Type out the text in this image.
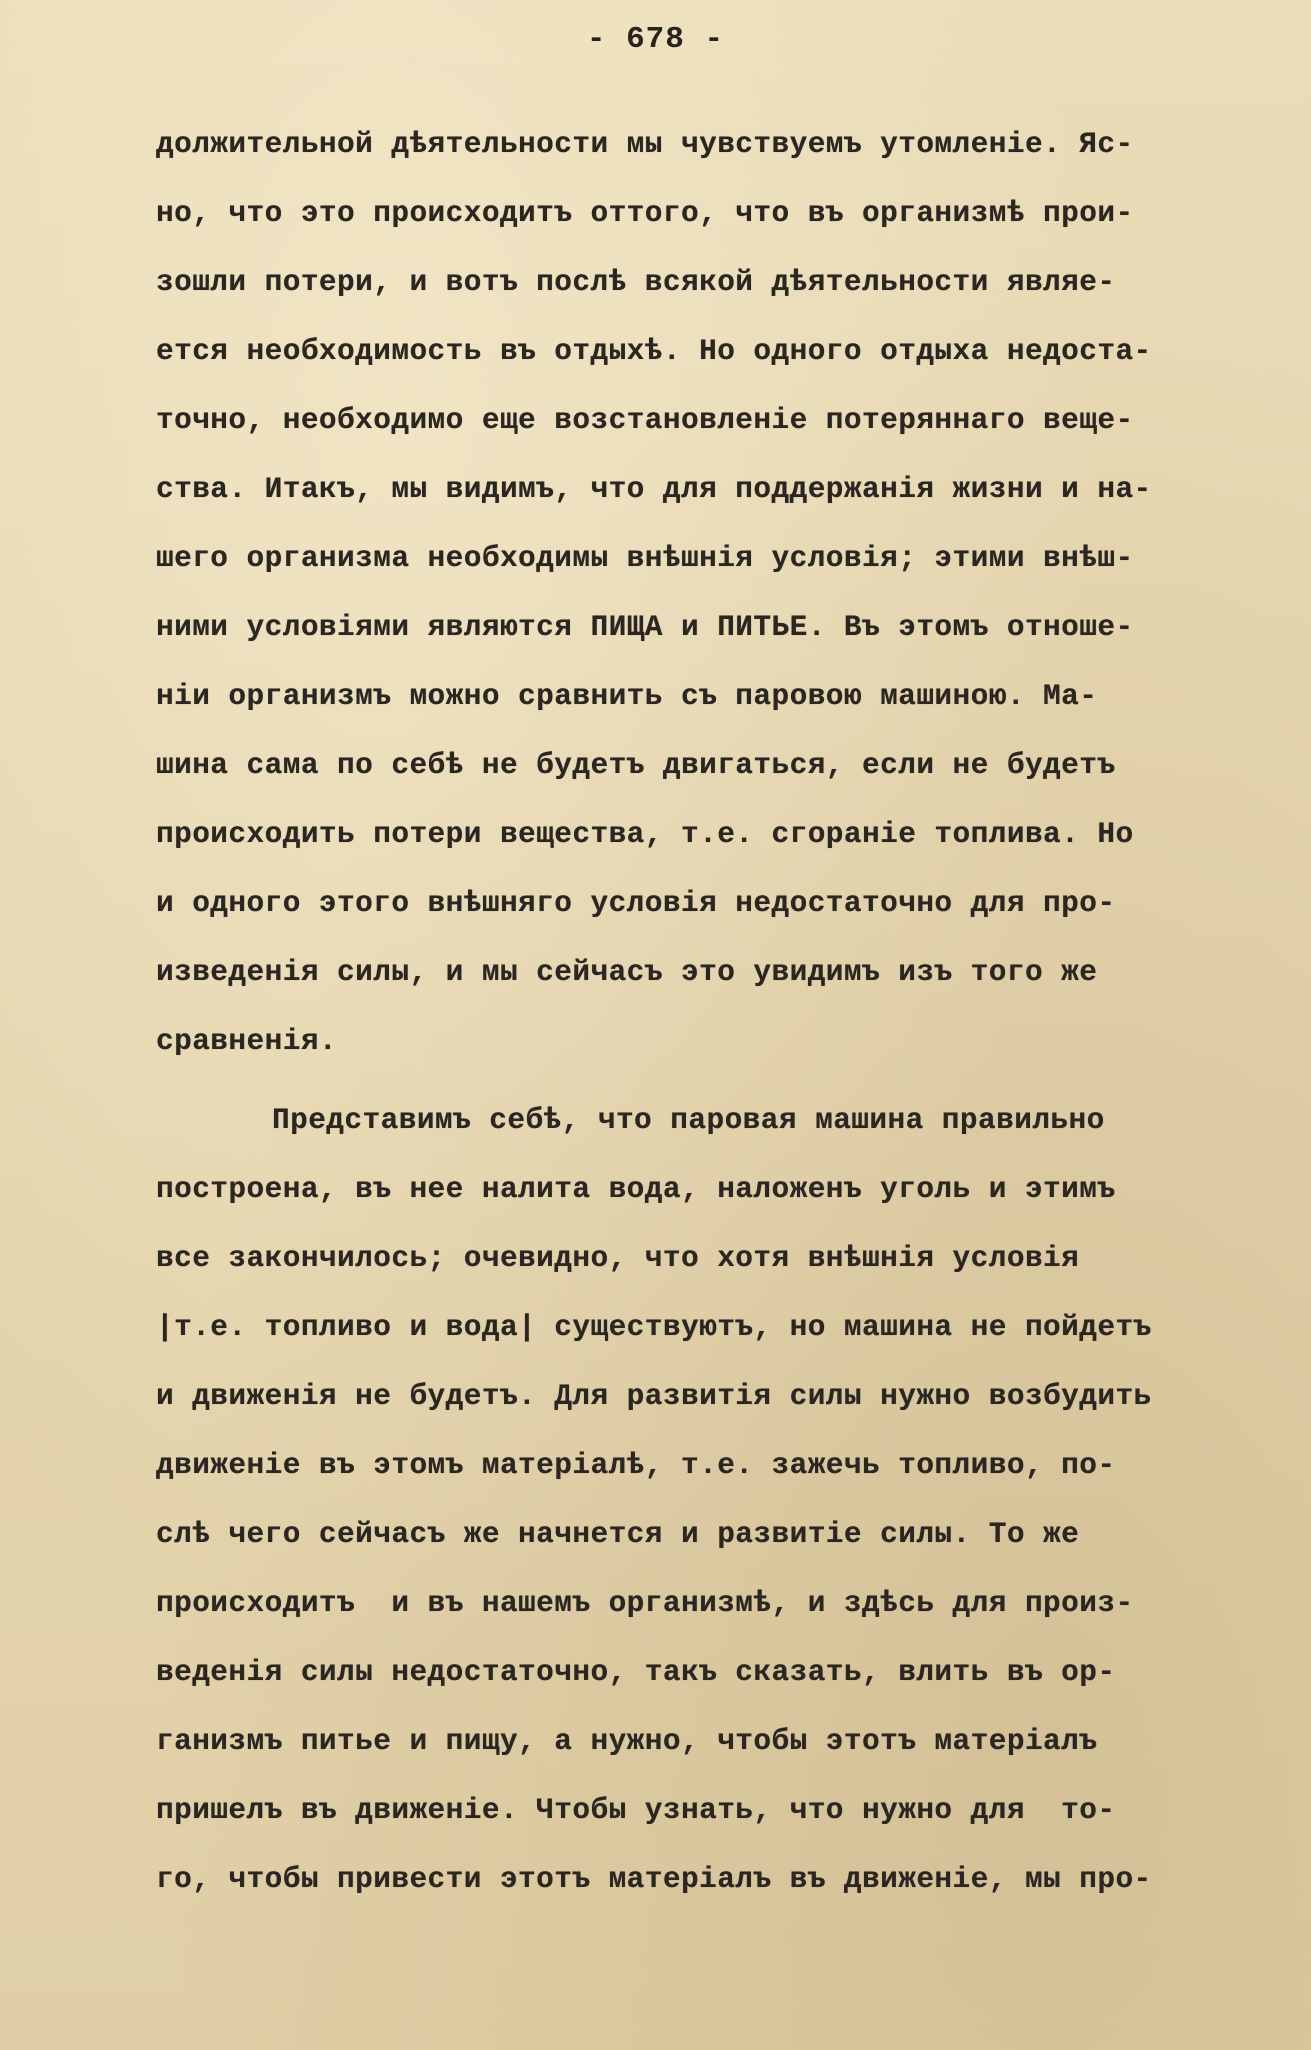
- 678 -
должительной дѣятельности мы чувствуемъ утомленіе. Яс-
но, что это происходитъ оттого, что въ организмѣ прои-
зошли потери, и вотъ послѣ всякой дѣятельности являе-
ется необходимость въ отдыхѣ. Но одного отдыха недоста-
точно, необходимо еще возстановленіе потеряннаго веще-
ства. Итакъ, мы видимъ, что для поддержанія жизни и на-
шего организма необходимы внѣшнія условія; этими внѣш-
ними условіями являются ПИЩА и ПИТЬЕ. Въ этомъ отноше-
ніи организмъ можно сравнить съ паровою машиною. Ма-
шина сама по себѣ не будетъ двигаться, если не будетъ
происходить потери вещества, т.е. сгораніе топлива. Но
и одного этого внѣшняго условія недостаточно для про-
изведенія силы, и мы сейчасъ это увидимъ изъ того же
сравненія.
Представимъ себѣ, что паровая машина правильно
построена, въ нее налита вода, наложенъ уголь и этимъ
все закончилось; очевидно, что хотя внѣшнія условія
|т.е. топливо и вода| существуютъ, но машина не пойдетъ
и движенія не будетъ. Для развитія силы нужно возбудить
движеніе въ этомъ матеріалѣ, т.е. зажечь топливо, по-
слѣ чего сейчасъ же начнется и развитіе силы. То же
происходитъ  и въ нашемъ организмѣ, и здѣсь для произ-
веденія силы недостаточно, такъ сказать, влить въ ор-
ганизмъ питье и пищу, а нужно, чтобы этотъ матеріалъ
пришелъ въ движеніе. Чтобы узнать, что нужно для  то-
го, чтобы привести этотъ матеріалъ въ движеніе, мы про-
